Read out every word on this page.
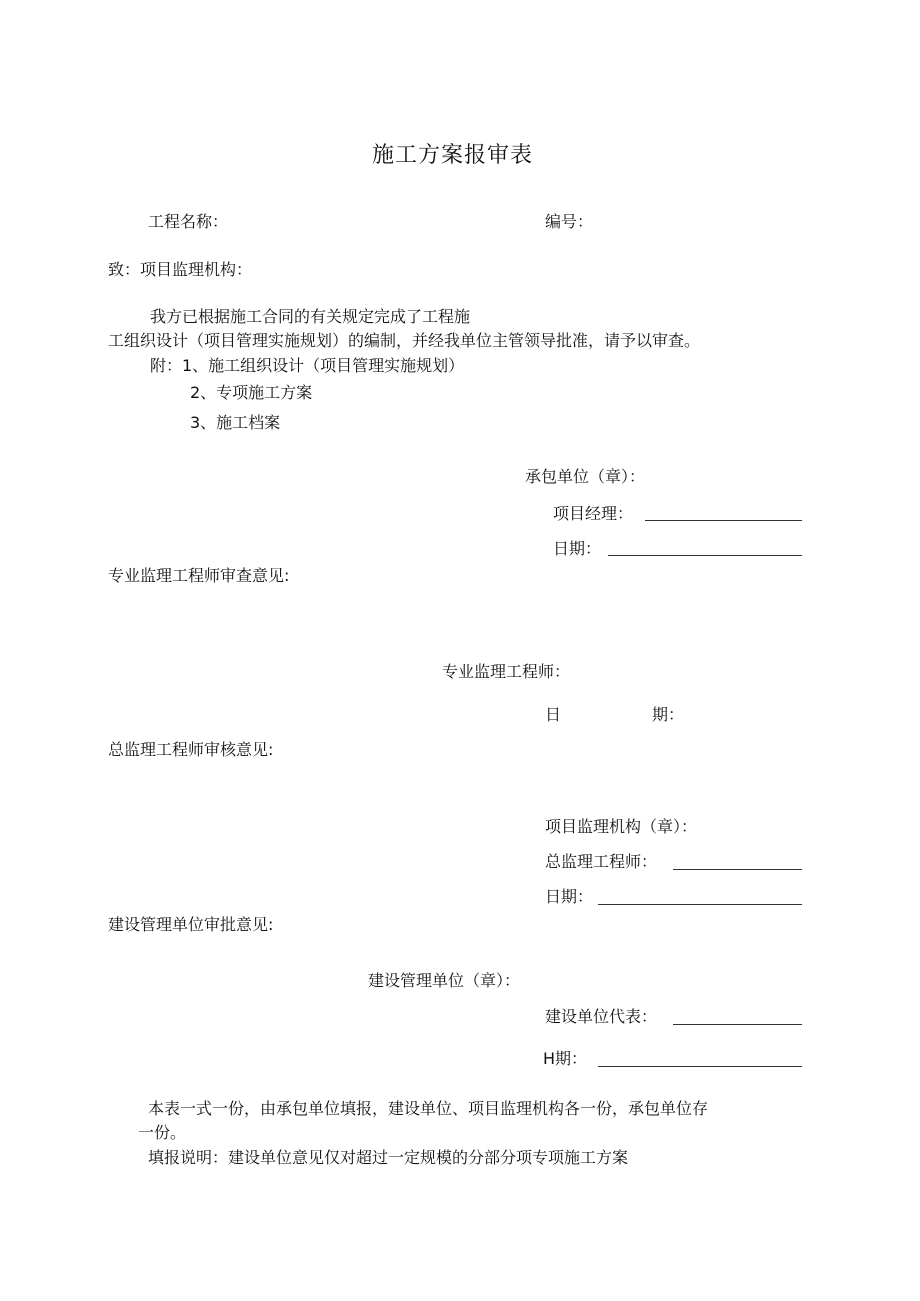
施工方案报审表
工程名称：	编号：
致：项目监理机构：
我方已根据施工合同的有关规定完成了工程施
工组织设计（项目管理实施规划）的编制，并经我单位主管领导批准，请予以审查。
附：1、施工组织设计（项目管理实施规划）
2、专项施工方案
3、施工档案
承包单位（章）：
项目经理：
日期：
专业监理工程师审查意见:
专业监理工程师：
日	期：
总监理工程师审核意见:
项目监理机构（章）：
总监理工程师：
日期：
建设管理单位审批意见:
建设管理单位（章）：
建设单位代表：
H期：
本表一式一份，由承包单位填报，建设单位、项目监理机构各一份，承包单位存
一份。
填报说明：建设单位意见仅对超过一定规模的分部分项专项施工方案
